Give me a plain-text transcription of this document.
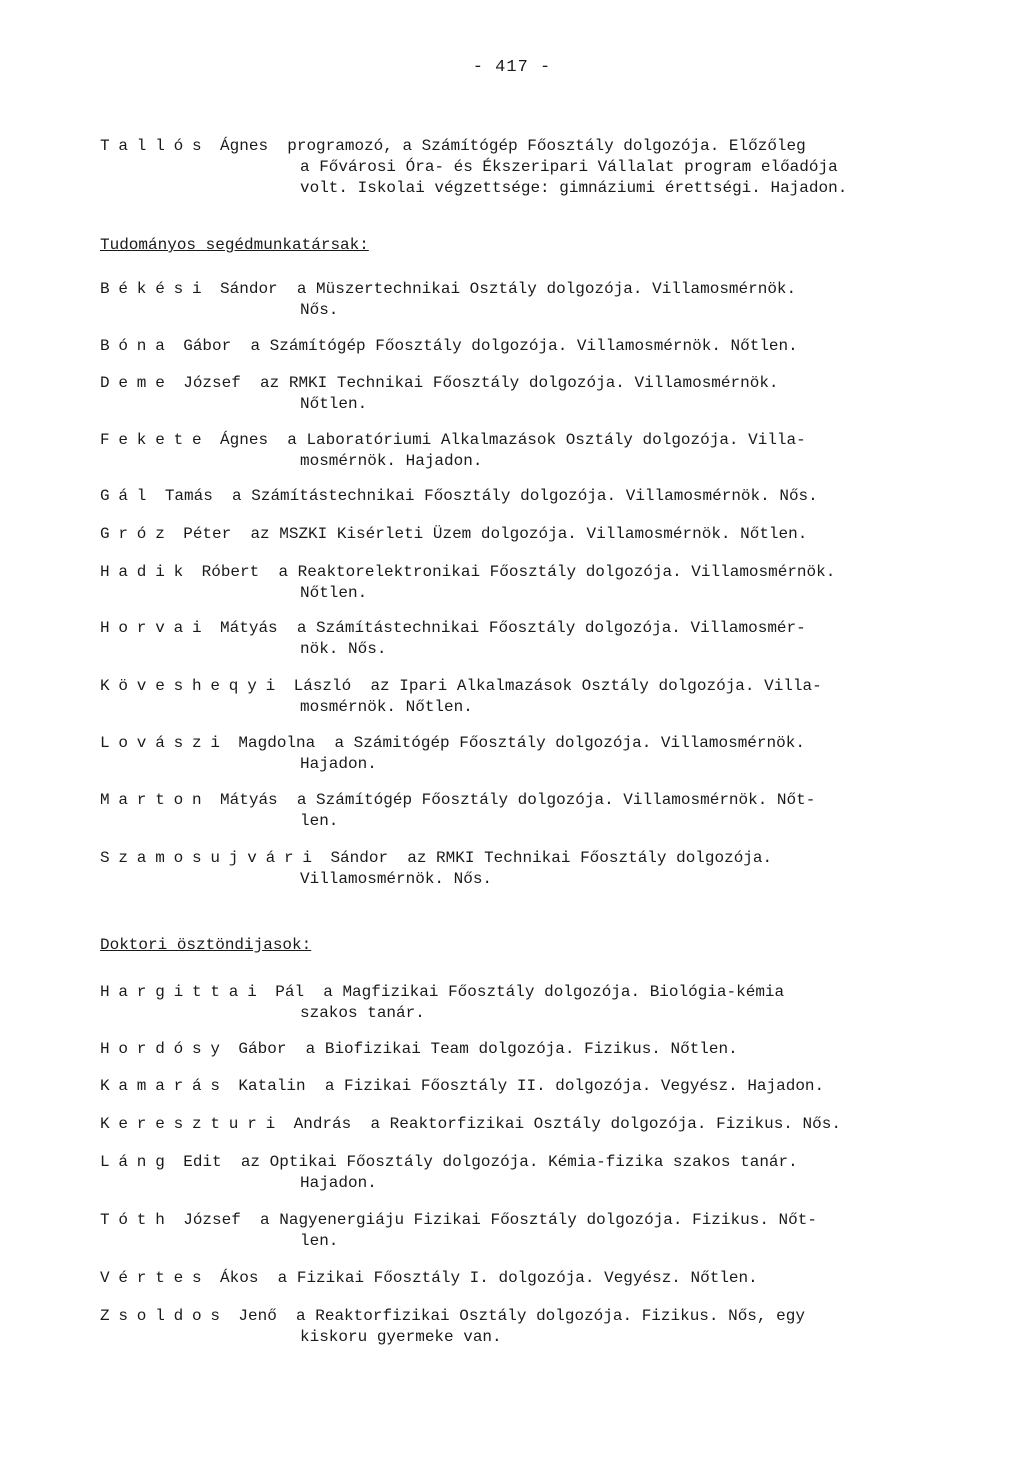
- 417 -
Tallós Ágnes programozó, a Számítógép Főosztály dolgozója. Előzőleg
a Fővárosi Óra- és Ékszeripari Vállalat program előadója
volt. Iskolai végzettsége: gimnáziumi érettségi. Hajadon.
Tudományos segédmunkatársak:
Békési Sándor a Müszertechnikai Osztály dolgozója. Villamosmérnök.
Nős.
Bóna Gábor a Számítógép Főosztály dolgozója. Villamosmérnök. Nőtlen.
Deme József az RMKI Technikai Főosztály dolgozója. Villamosmérnök.
Nőtlen.
Fekete Ágnes a Laboratóriumi Alkalmazások Osztály dolgozója. Villa-
mosmérnök. Hajadon.
Gál Tamás a Számítástechnikai Főosztály dolgozója. Villamosmérnök. Nős.
Gróz Péter az MSZKI Kisérleti Üzem dolgozója. Villamosmérnök. Nőtlen.
Hadik Róbert a Reaktorelektronikai Főosztály dolgozója. Villamosmérnök.
Nőtlen.
Horvai Mátyás a Számítástechnikai Főosztály dolgozója. Villamosmér-
nök. Nős.
Kövesheqyi László az Ipari Alkalmazások Osztály dolgozója. Villa-
mosmérnök. Nőtlen.
Lovászi Magdolna a Számitógép Főosztály dolgozója. Villamosmérnök.
Hajadon.
Marton Mátyás a Számítógép Főosztály dolgozója. Villamosmérnök. Nőt-
len.
Szamosujvári Sándor az RMKI Technikai Főosztály dolgozója.
Villamosmérnök. Nős.
Doktori ösztöndijasok:
Hargittai Pál a Magfizikai Főosztály dolgozója. Biológia-kémia
szakos tanár.
Hordósy Gábor a Biofizikai Team dolgozója. Fizikus. Nőtlen.
Kamarás Katalin a Fizikai Főosztály II. dolgozója. Vegyész. Hajadon.
Kereszturi András a Reaktorfizikai Osztály dolgozója. Fizikus. Nős.
Láng Edit az Optikai Főosztály dolgozója. Kémia-fizika szakos tanár.
Hajadon.
Tóth József a Nagyenergiáju Fizikai Főosztály dolgozója. Fizikus. Nőt-
len.
Vértes Ákos a Fizikai Főosztály I. dolgozója. Vegyész. Nőtlen.
Zsoldos Jenő a Reaktorfizikai Osztály dolgozója. Fizikus. Nős, egy
kiskoru gyermeke van.
